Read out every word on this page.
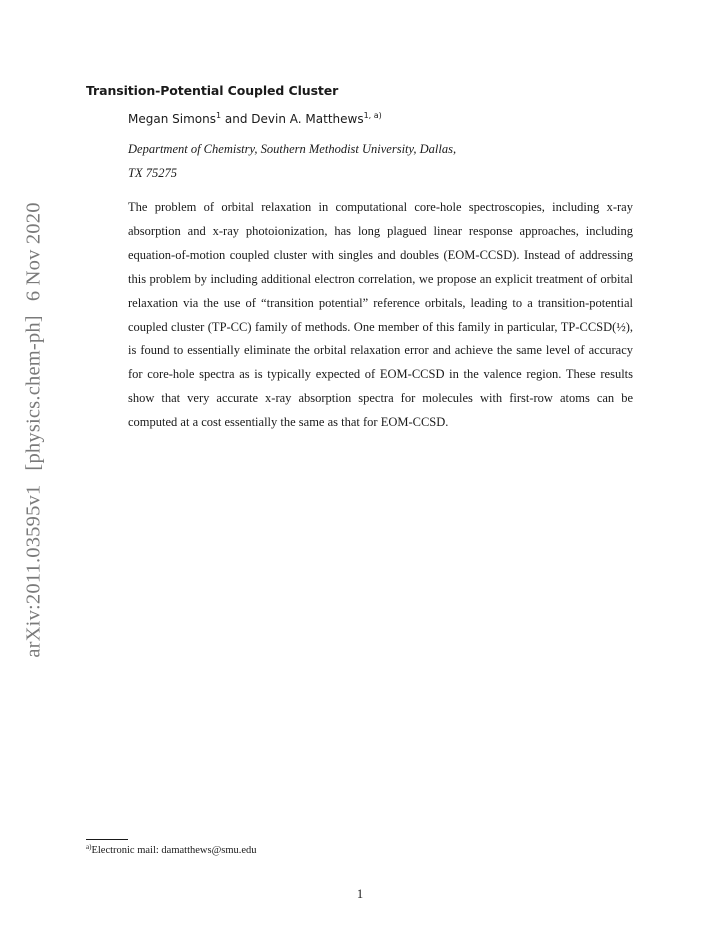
arXiv:2011.03595v1[physics.chem-ph]6 Nov 2020
Transition-Potential Coupled Cluster
Megan Simons$^1$ and Devin A. Matthews$^{1, a)}$
Department of Chemistry, Southern Methodist University, Dallas,
TX 75275
The problem of orbital relaxation in computational core-hole spectroscopies, including x-ray absorption and x-ray photoionization, has long plagued linear response approaches, including equation-of-motion coupled cluster with singles and doubles (EOM-CCSD). Instead of addressing this problem by including additional electron correlation, we propose an explicit treatment of orbital relaxation via the use of “transition potential” reference orbitals, leading to a transition-potential coupled cluster (TP-CC) family of methods. One member of this family in particular, TP-CCSD(½), is found to essentially eliminate the orbital relaxation error and achieve the same level of accuracy for core-hole spectra as is typically expected of EOM-CCSD in the valence region. These results show that very accurate x-ray absorption spectra for molecules with first-row atoms can be computed at a cost essentially the same as that for EOM-CCSD.
$^{a)}$Electronic mail: damatthews@smu.edu
1
